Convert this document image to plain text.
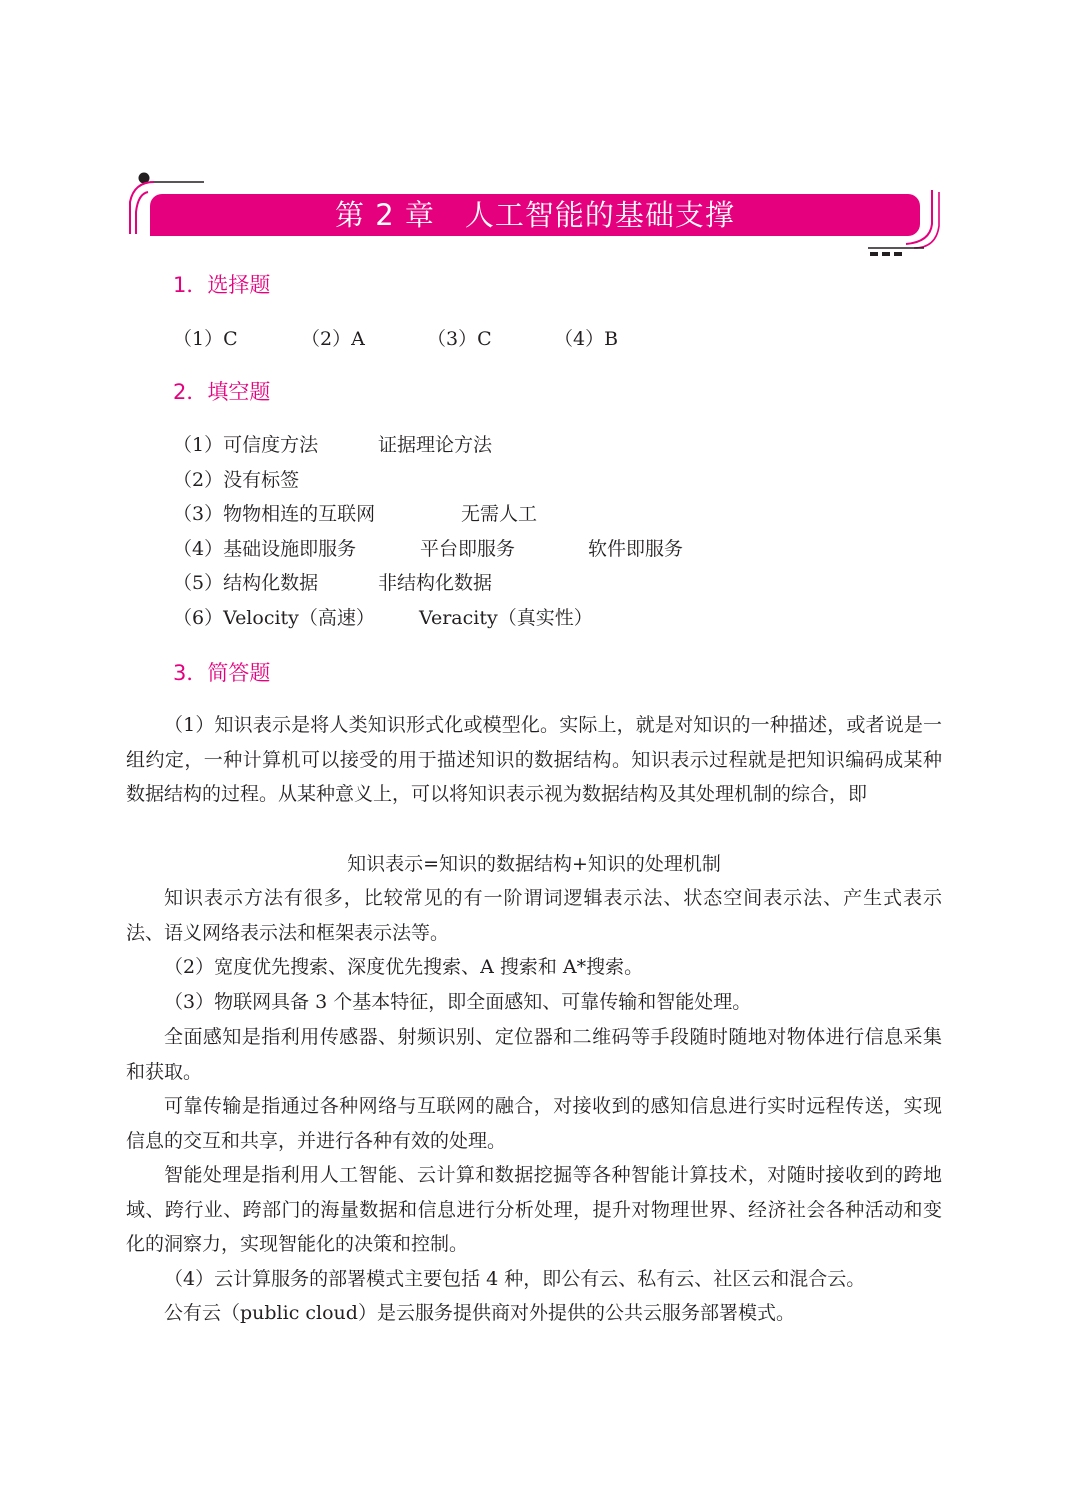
第 2 章　人工智能的基础支撑
1．选择题
（1）C	（2）A	（3）C	（4）B
2．填空题
（1）可信度方法	证据理论方法
（2）没有标签
（3）物物相连的互联网	无需人工
（4）基础设施即服务	平台即服务	软件即服务
（5）结构化数据	非结构化数据
（6）Velocity（高速） Veracity（真实性）
3．简答题
（1）知识表示是将人类知识形式化或模型化。实际上，就是对知识的一种描述，或者说是一组约定，一种计算机可以接受的用于描述知识的数据结构。知识表示过程就是把知识编码成某种数据结构的过程。从某种意义上，可以将知识表示视为数据结构及其处理机制的综合，即
知识表示=知识的数据结构+知识的处理机制
知识表示方法有很多，比较常见的有一阶谓词逻辑表示法、状态空间表示法、产生式表示法、语义网络表示法和框架表示法等。
（2）宽度优先搜索、深度优先搜索、A 搜索和 A*搜索。
（3）物联网具备 3 个基本特征，即全面感知、可靠传输和智能处理。
全面感知是指利用传感器、射频识别、定位器和二维码等手段随时随地对物体进行信息采集和获取。
可靠传输是指通过各种网络与互联网的融合，对接收到的感知信息进行实时远程传送，实现信息的交互和共享，并进行各种有效的处理。
智能处理是指利用人工智能、云计算和数据挖掘等各种智能计算技术，对随时接收到的跨地域、跨行业、跨部门的海量数据和信息进行分析处理，提升对物理世界、经济社会各种活动和变化的洞察力，实现智能化的决策和控制。
（4）云计算服务的部署模式主要包括 4 种，即公有云、私有云、社区云和混合云。
公有云（public cloud）是云服务提供商对外提供的公共云服务部署模式。
